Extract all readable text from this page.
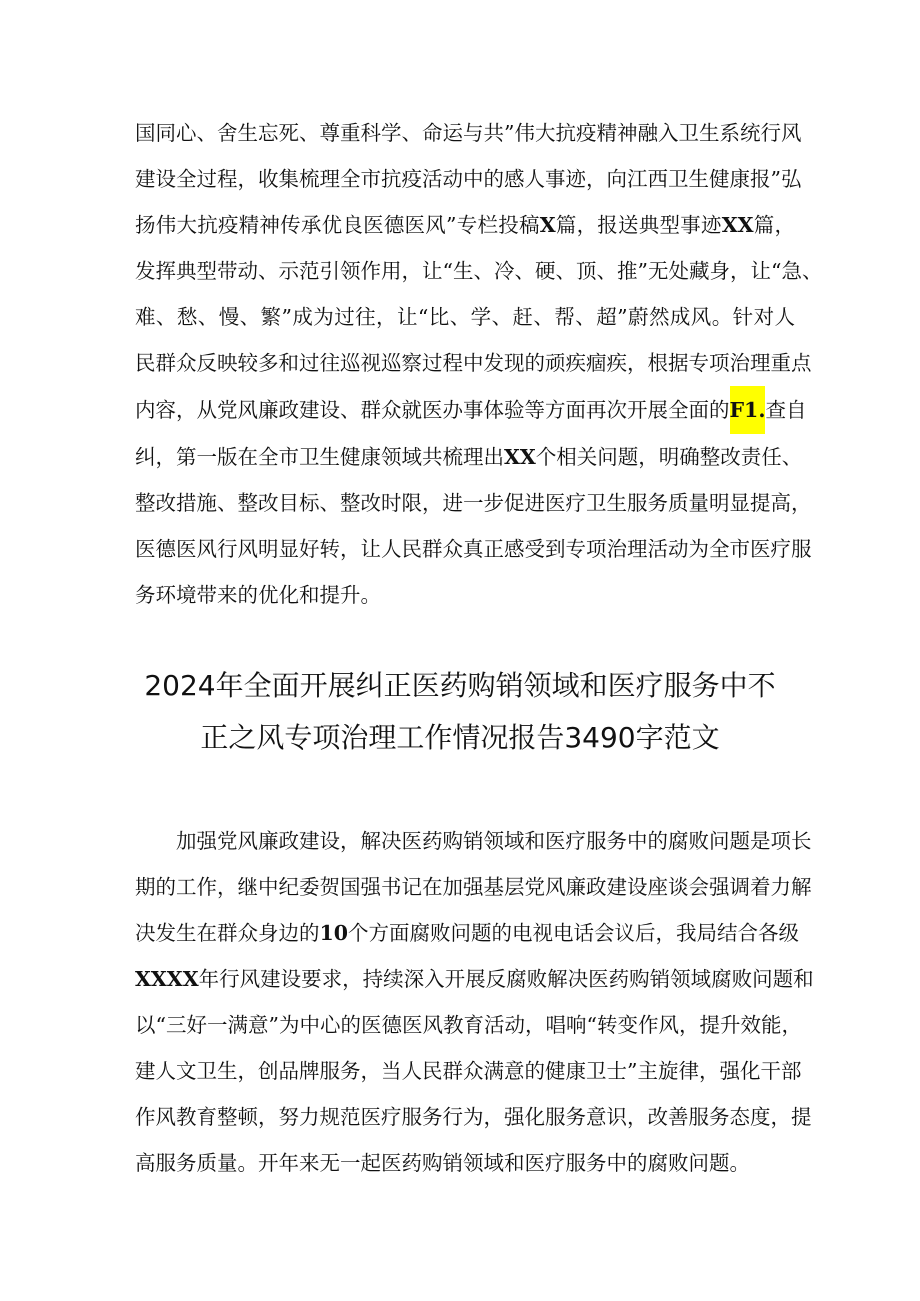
国同心、舍生忘死、尊重科学、命运与共”伟大抗疫精神融入卫生系统行风
建设全过程，收集梳理全市抗疫活动中的感人事迹，向江西卫生健康报”弘
扬伟大抗疫精神传承优良医德医风”专栏投稿X篇，报送典型事迹XX篇，
发挥典型带动、示范引领作用，让“生、冷、硬、顶、推”无处藏身，让“急、
难、愁、慢、繁”成为过往，让“比、学、赶、帮、超”蔚然成风。针对人
民群众反映较多和过往巡视巡察过程中发现的顽疾痼疾，根据专项治理重点
内容，从党风廉政建设、群众就医办事体验等方面再次开展全面的F1.查自
纠，第一版在全市卫生健康领域共梳理出XX个相关问题，明确整改责任、
整改措施、整改目标、整改时限，进一步促进医疗卫生服务质量明显提高，
医德医风行风明显好转，让人民群众真正感受到专项治理活动为全市医疗服
务环境带来的优化和提升。
2024年全面开展纠正医药购销领域和医疗服务中不
正之风专项治理工作情况报告3490字范文
加强党风廉政建设，解决医药购销领域和医疗服务中的腐败问题是项长
期的工作，继中纪委贺国强书记在加强基层党风廉政建设座谈会强调着力解
决发生在群众身边的10个方面腐败问题的电视电话会议后，我局结合各级
XXXX年行风建设要求，持续深入开展反腐败解决医药购销领域腐败问题和
以“三好一满意”为中心的医德医风教育活动，唱响“转变作风，提升效能，
建人文卫生，创品牌服务，当人民群众满意的健康卫士”主旋律，强化干部
作风教育整顿，努力规范医疗服务行为，强化服务意识，改善服务态度，提
高服务质量。开年来无一起医药购销领域和医疗服务中的腐败问题。
